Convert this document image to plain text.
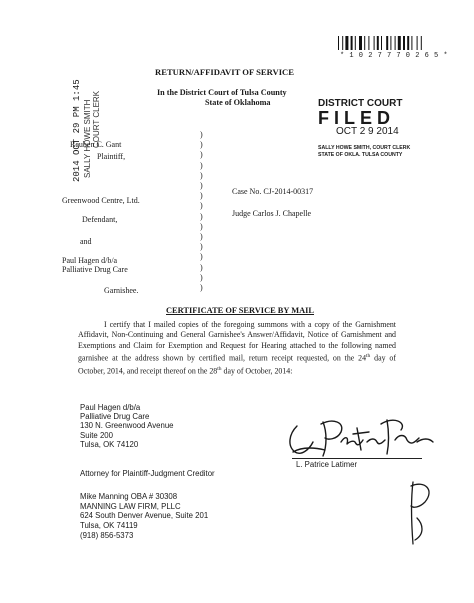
* 1 0 2 7 7 7 0 2 6 5 *
RETURN/AFFIDAVIT OF SERVICE
In the District Court of Tulsa County
State of Oklahoma	DISTRICT COURT
FILED
OCT 2 9 2014
SALLY HOWE SMITH, COURT CLERK
STATE OF OKLA. TULSA COUNTY
2014 OCT 29 PM 1:45 SALLY HOWE SMITH COURT CLERK
Reuben C. Gant
Plaintiff,
Greenwood Centre, Ltd.
Defendant,
and
Paul Hagen d/b/a
Palliative Drug Care
Garnishee.
)
)
)
)
)
)
)
)
)
)
)
)
)
)
)
)
Case No. CJ-2014-00317
Judge Carlos J. Chapelle
CERTIFICATE OF SERVICE BY MAIL
I certify that I mailed copies of the foregoing summons with a copy of the Garnishment Affidavit, Non-Continuing and General Garnishee's Answer/Affidavit, Notice of Garnishment and Exemptions and Claim for Exemption and Request for Hearing attached to the following named garnishee at the address shown by certified mail, return receipt requested, on the 24th day of October, 2014, and receipt thereof on the 28th day of October, 2014:
Paul Hagen d/b/a
Palliative Drug Care
130 N. Greenwood Avenue
Suite 200
Tulsa, OK 74120
L. Patrice Latimer
Attorney for Plaintiff-Judgment Creditor
Mike Manning OBA # 30308
MANNING LAW FIRM, PLLC
624 South Denver Avenue, Suite 201
Tulsa, OK 74119
(918) 856-5373
